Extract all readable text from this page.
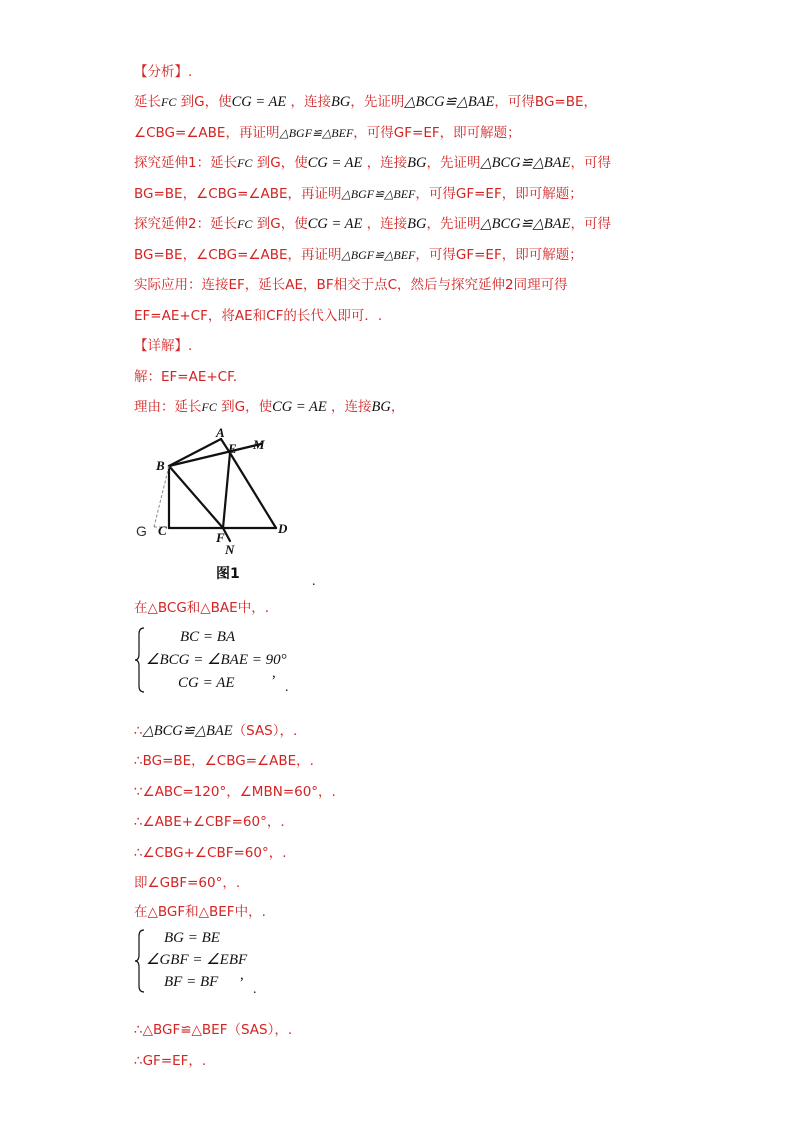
【分析】.
延长FC 到G，使CG = AE ，连接BG，先证明△BCG≌△BAE，可得BG=BE，
∠CBG=∠ABE，再证明△BGF≌△BEF，可得GF=EF，即可解题；
探究延伸1：延长FC 到G，使CG = AE ，连接BG，先证明△BCG≌△BAE，可得
BG=BE，∠CBG=∠ABE，再证明△BGF≌△BEF，可得GF=EF，即可解题；
探究延伸2：延长FC 到G，使CG = AE ，连接BG，先证明△BCG≌△BAE，可得
BG=BE，∠CBG=∠ABE，再证明△BGF≌△BEF，可得GF=EF，即可解题；
实际应用：连接EF，延长AE，BF相交于点C，然后与探究延伸2同理可得
EF=AE+CF，将AE和CF的长代入即可．.
【详解】.
解：EF=AE+CF.
理由：延长FC 到G，使CG = AE ，连接BG，
A
E M
B
C	F
N
D
G
图1	.
在△BCG和△BAE中，.
BC = BA
∠BCG = ∠BAE = 90°
CG = AE
,
.
∴△BCG≌△BAE（SAS），.
∴BG=BE，∠CBG=∠ABE，.
∵∠ABC=120°，∠MBN=60°，.
∴∠ABE+∠CBF=60°，.
∴∠CBG+∠CBF=60°，.
即∠GBF=60°，.
在△BGF和△BEF中，.
BG = BE
∠GBF = ∠EBF
BF = BF ,
.
∴△BGF≌△BEF（SAS），.
∴GF=EF，.
